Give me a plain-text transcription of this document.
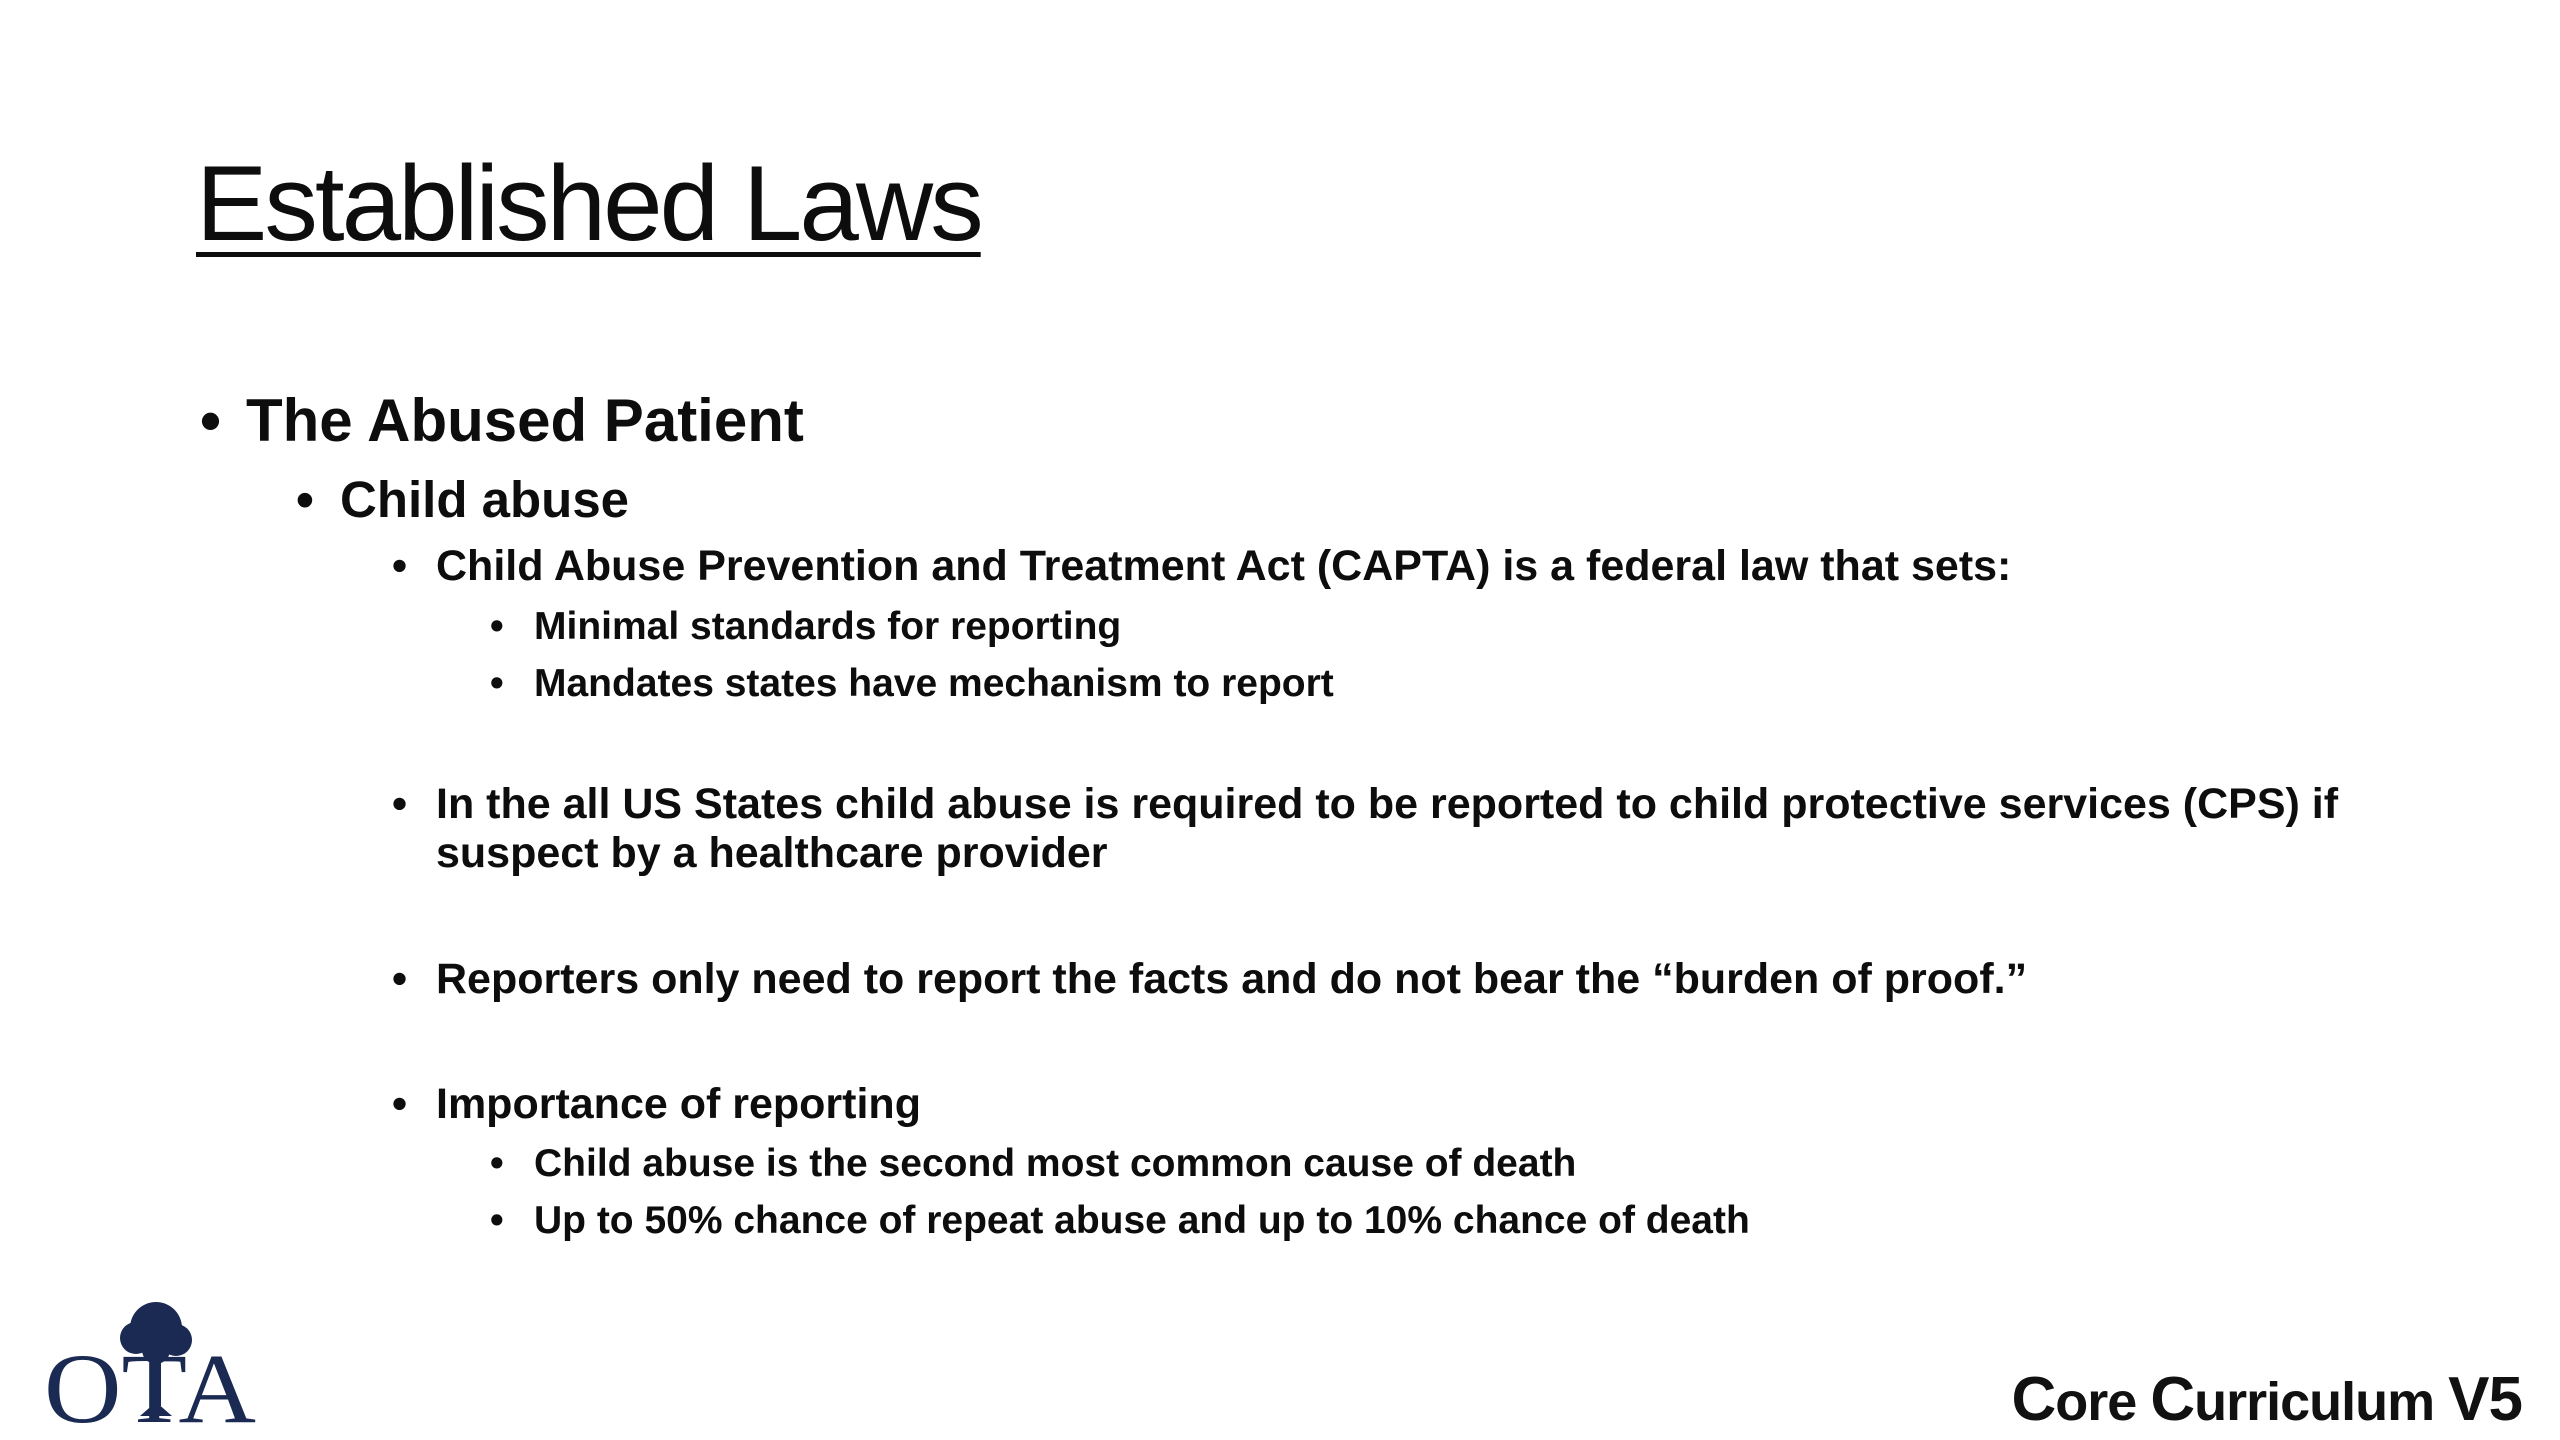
Established Laws
• The Abused Patient
• Child abuse
• Child Abuse Prevention and Treatment Act (CAPTA) is a federal law that sets:
• Minimal standards for reporting
• Mandates states have mechanism to report
• In the all US States child abuse is required to be reported to child protective services (CPS) if suspect by a healthcare provider
• Reporters only need to report the facts and do not bear the “burden of proof.”
• Importance of reporting
• Child abuse is the second most common cause of death
• Up to 50% chance of repeat abuse and up to 10% chance of death
OTA	Core Curriculum V5
